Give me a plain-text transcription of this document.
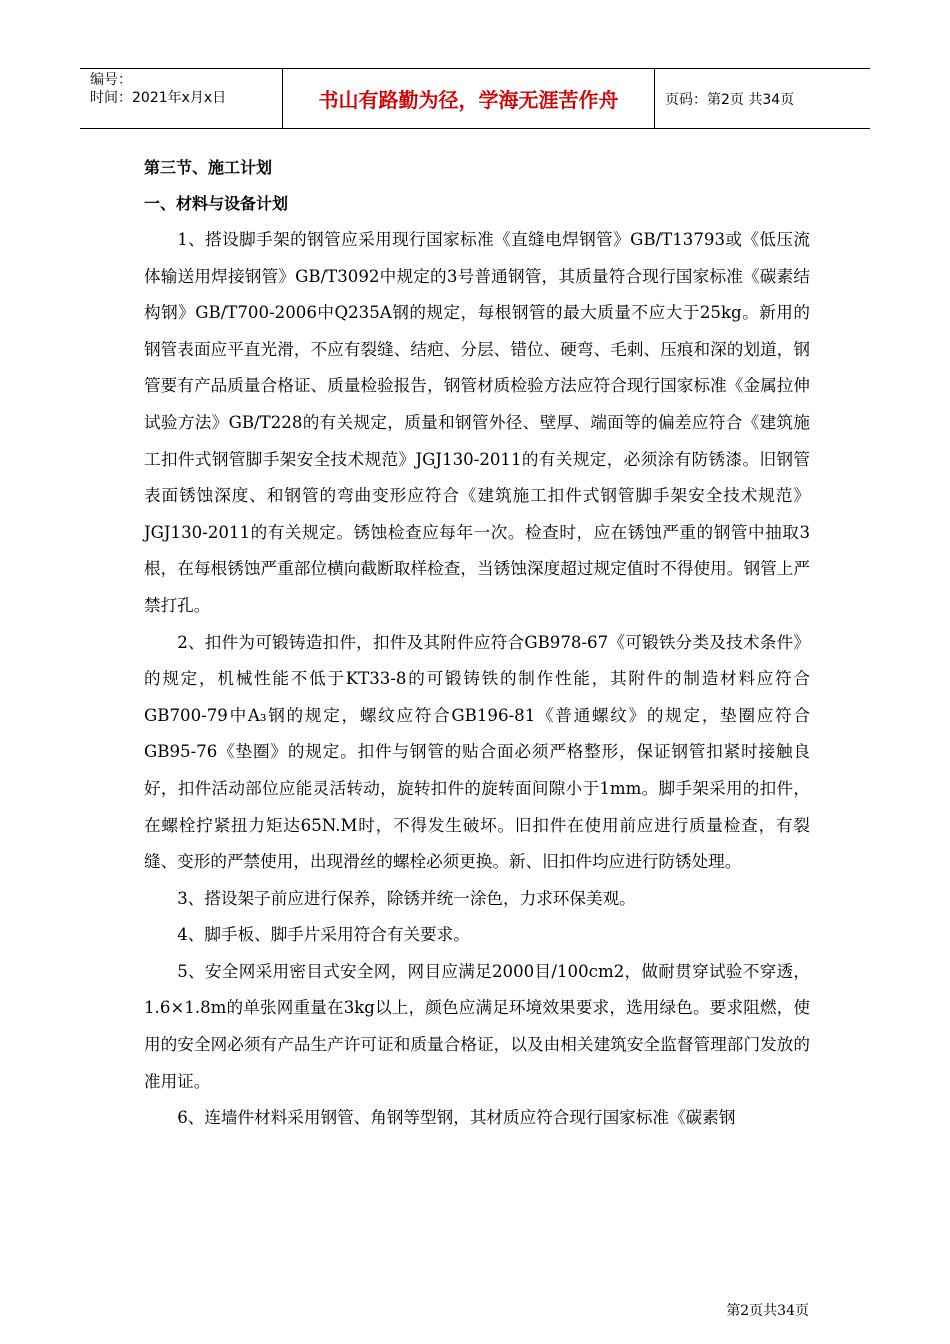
编号：
时间：2021年x月x日	书山有路勤为径，学海无涯苦作舟	页码：第2页 共34页
第三节、施工计划
一、材料与设备计划

1、搭设脚手架的钢管应采用现行国家标准《直缝电焊钢管》GB/T13793或《低压流体输送用焊接钢管》GB/T3092中规定的3号普通钢管，其质量符合现行国家标准《碳素结构钢》GB/T700-2006中Q235A钢的规定，每根钢管的最大质量不应大于25kg。新用的钢管表面应平直光滑，不应有裂缝、结疤、分层、错位、硬弯、毛刺、压痕和深的划道，钢管要有产品质量合格证、质量检验报告，钢管材质检验方法应符合现行国家标准《金属拉伸试验方法》GB/T228的有关规定，质量和钢管外径、壁厚、端面等的偏差应符合《建筑施工扣件式钢管脚手架安全技术规范》JGJ130-2011的有关规定，必须涂有防锈漆。旧钢管表面锈蚀深度、和钢管的弯曲变形应符合《建筑施工扣件式钢管脚手架安全技术规范》JGJ130-2011的有关规定。锈蚀检查应每年一次。检查时，应在锈蚀严重的钢管中抽取3根，在每根锈蚀严重部位横向截断取样检查，当锈蚀深度超过规定值时不得使用。钢管上严禁打孔。

2、扣件为可锻铸造扣件，扣件及其附件应符合GB978-67《可锻铁分类及技术条件》的规定，机械性能不低于KT33-8的可锻铸铁的制作性能，其附件的制造材料应符合GB700-79中A₃钢的规定，螺纹应符合GB196-81《普通螺纹》的规定，垫圈应符合GB95-76《垫圈》的规定。扣件与钢管的贴合面必须严格整形，保证钢管扣紧时接触良好，扣件活动部位应能灵活转动，旋转扣件的旋转面间隙小于1mm。脚手架采用的扣件，在螺栓拧紧扭力矩达65N.M时，不得发生破坏。旧扣件在使用前应进行质量检查，有裂缝、变形的严禁使用，出现滑丝的螺栓必须更换。新、旧扣件均应进行防锈处理。

3、搭设架子前应进行保养，除锈并统一涂色，力求环保美观。

4、脚手板、脚手片采用符合有关要求。

5、安全网采用密目式安全网，网目应满足2000目/100cm2，做耐贯穿试验不穿透，1.6×1.8m的单张网重量在3kg以上，颜色应满足环境效果要求，选用绿色。要求阻燃，使用的安全网必须有产品生产许可证和质量合格证，以及由相关建筑安全监督管理部门发放的准用证。

6、连墙件材料采用钢管、角钢等型钢，其材质应符合现行国家标准《碳素钢

第2页共34页
